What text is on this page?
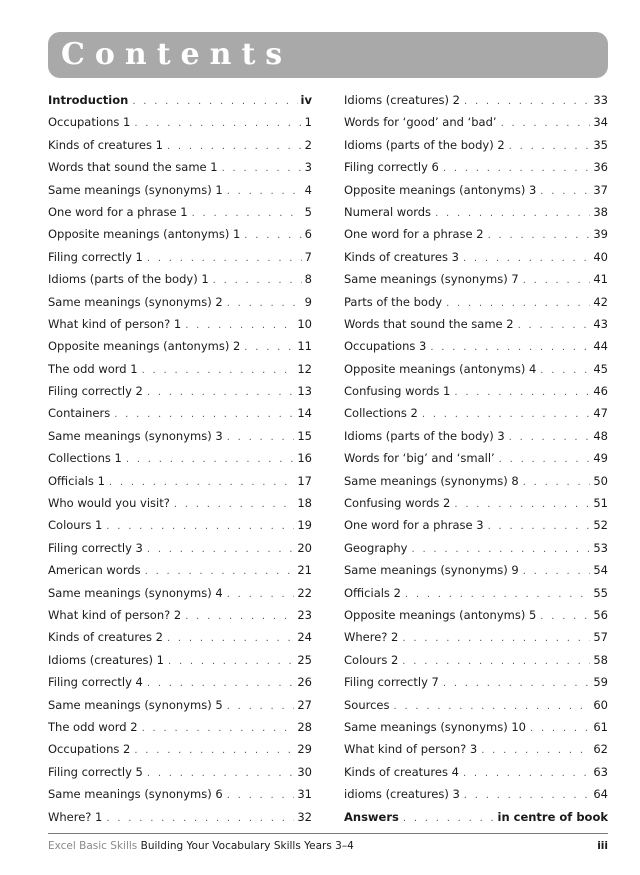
Contents
Introduction . . .	iv
Occupations 1 . . .	1
Kinds of creatures 1 . . .	2
Words that sound the same 1 . . .	3
Same meanings (synonyms) 1 . . .	4
One word for a phrase 1 . . .	5
Opposite meanings (antonyms) 1 . . .	6
Filing correctly 1 . . .	7
Idioms (parts of the body) 1 . . .	8
Same meanings (synonyms) 2 . . .	9
What kind of person? 1 . . .	10
Opposite meanings (antonyms) 2 . . .	11
The odd word 1 . . .	12
Filing correctly 2 . . .	13
Containers . . .	14
Same meanings (synonyms) 3 . . .	15
Collections 1 . . .	16
Officials 1 . . .	17
Who would you visit? . . .	18
Colours 1 . . .	19
Filing correctly 3 . . .	20
American words . . .	21
Same meanings (synonyms) 4 . . .	22
What kind of person? 2 . . .	23
Kinds of creatures 2 . . .	24
Idioms (creatures) 1 . . .	25
Filing correctly 4 . . .	26
Same meanings (synonyms) 5 . . .	27
The odd word 2 . . .	28
Occupations 2 . . .	29
Filing correctly 5 . . .	30
Same meanings (synonyms) 6 . . .	31
Where? 1 . . .	32
Idioms (creatures) 2 . . .	33
Words for ‘good’ and ‘bad’ . . .	34
Idioms (parts of the body) 2 . . .	35
Filing correctly 6 . . .	36
Opposite meanings (antonyms) 3 . . .	37
Numeral words . . .	38
One word for a phrase 2 . . .	39
Kinds of creatures 3 . . .	40
Same meanings (synonyms) 7 . . .	41
Parts of the body . . .	42
Words that sound the same 2 . . .	43
Occupations 3 . . .	44
Opposite meanings (antonyms) 4 . . .	45
Confusing words 1 . . .	46
Collections 2 . . .	47
Idioms (parts of the body) 3 . . .	48
Words for ‘big’ and ‘small’ . . .	49
Same meanings (synonyms) 8 . . .	50
Confusing words 2 . . .	51
One word for a phrase 3 . . .	52
Geography . . .	53
Same meanings (synonyms) 9 . . .	54
Officials 2 . . .	55
Opposite meanings (antonyms) 5 . . .	56
Where? 2 . . .	57
Colours 2 . . .	58
Filing correctly 7 . . .	59
Sources . . .	60
Same meanings (synonyms) 10 . . .	61
What kind of person? 3 . . .	62
Kinds of creatures 4 . . .	63
idioms (creatures) 3 . . .	64
Answers . . .	in centre of book
Excel Basic Skills Building Your Vocabulary Skills Years 3–4	iii
